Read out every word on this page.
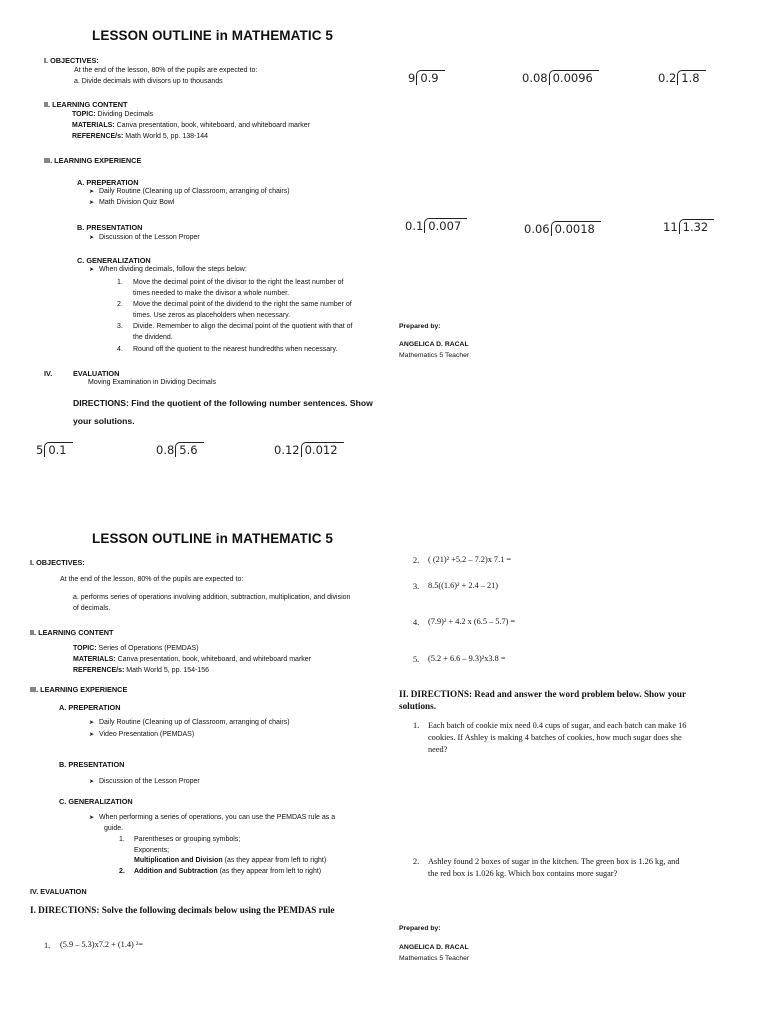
LESSON OUTLINE in MATHEMATIC 5
I. OBJECTIVES:
At the end of the lesson, 80% of the pupils are expected to:
a. Divide decimals with divisors up to thousands
II. LEARNING CONTENT
TOPIC: Dividing Decimals
MATERIALS: Canva presentation, book, whiteboard, and whiteboard marker
REFERENCE/s: Math World 5, pp. 138-144
III. LEARNING EXPERIENCE
A. PREPERATION
➤ Daily Routine (Cleaning up of Classroom, arranging of chairs)
➤ Math Division Quiz Bowl
B. PRESENTATION
➤ Discussion of the Lesson Proper
C. GENERALIZATION
➤ When dividing decimals, follow the steps below:
1. Move the decimal point of the divisor to the right the least number of
times needed to make the divisor a whole number.
2. Move the decimal point of the dividend to the right the same number of
times. Use zeros as placeholders when necessary.
3. Divide. Remember to align the decimal point of the quotient with that of
the dividend.
4. Round off the quotient to the nearest hundredths when necessary.
IV.	EVALUATION
Moving Examination in Dividing Decimals
DIRECTIONS: Find the quotient of the following number sentences. Show
your solutions.
5 0.1	0.8 5.6	0.12 0.012
9 0.9	0.08 0.0096	0.2 1.8
0.1 0.007	0.06 0.0018	11 1.32
Prepared by:
ANGELICA D. RACAL
Mathematics 5 Teacher
LESSON OUTLINE in MATHEMATIC 5
I. OBJECTIVES:
At the end of the lesson, 80% of the pupils are expected to:
a. performs series of operations involving addition, subtraction, multiplication, and division
of decimals.
II. LEARNING CONTENT
TOPIC: Series of Operations (PEMDAS)
MATERIALS: Canva presentation, book, whiteboard, and whiteboard marker
REFERENCE/s: Math World 5, pp. 154-156
III. LEARNING EXPERIENCE
A. PREPERATION
➤ Daily Routine (Cleaning up of Classroom, arranging of chairs)
➤ Video Presentation (PEMDAS)
B. PRESENTATION
➤ Discussion of the Lesson Proper
C. GENERALIZATION
➤ When performing a series of operations, you can use the PEMDAS rule as a
guide.
1. Parentheses or grouping symbols;
Exponents;
Multiplication and Division (as they appear from left to right)
2. Addition and Subtraction (as they appear from left to right)
IV. EVALUATION
I. DIRECTIONS: Solve the following decimals below using the PEMDAS rule
1. (5.9 – 5.3)x7.2 + (1.4) ²=
2. ( (21)² +5.2 – 7.2)x 7.1 =
3. 8.5((1.6)² + 2.4 – 21)
4. (7.9)² + 4.2 x (6.5 – 5.7) =
5. (5.2 + 6.6 – 9.3)²x3.8 =
II. DIRECTIONS: Read and answer the word problem below. Show your
solutions.
1. Each batch of cookie mix need 0.4 cups of sugar, and each batch can make 16
cookies. If Ashley is making 4 batches of cookies, how much sugar does she
need?
2. Ashley found 2 boxes of sugar in the kitchen. The green box is 1.26 kg, and
the red box is 1.026 kg. Which box contains more sugar?
Prepared by:
ANGELICA D. RACAL
Mathematics 5 Teacher
